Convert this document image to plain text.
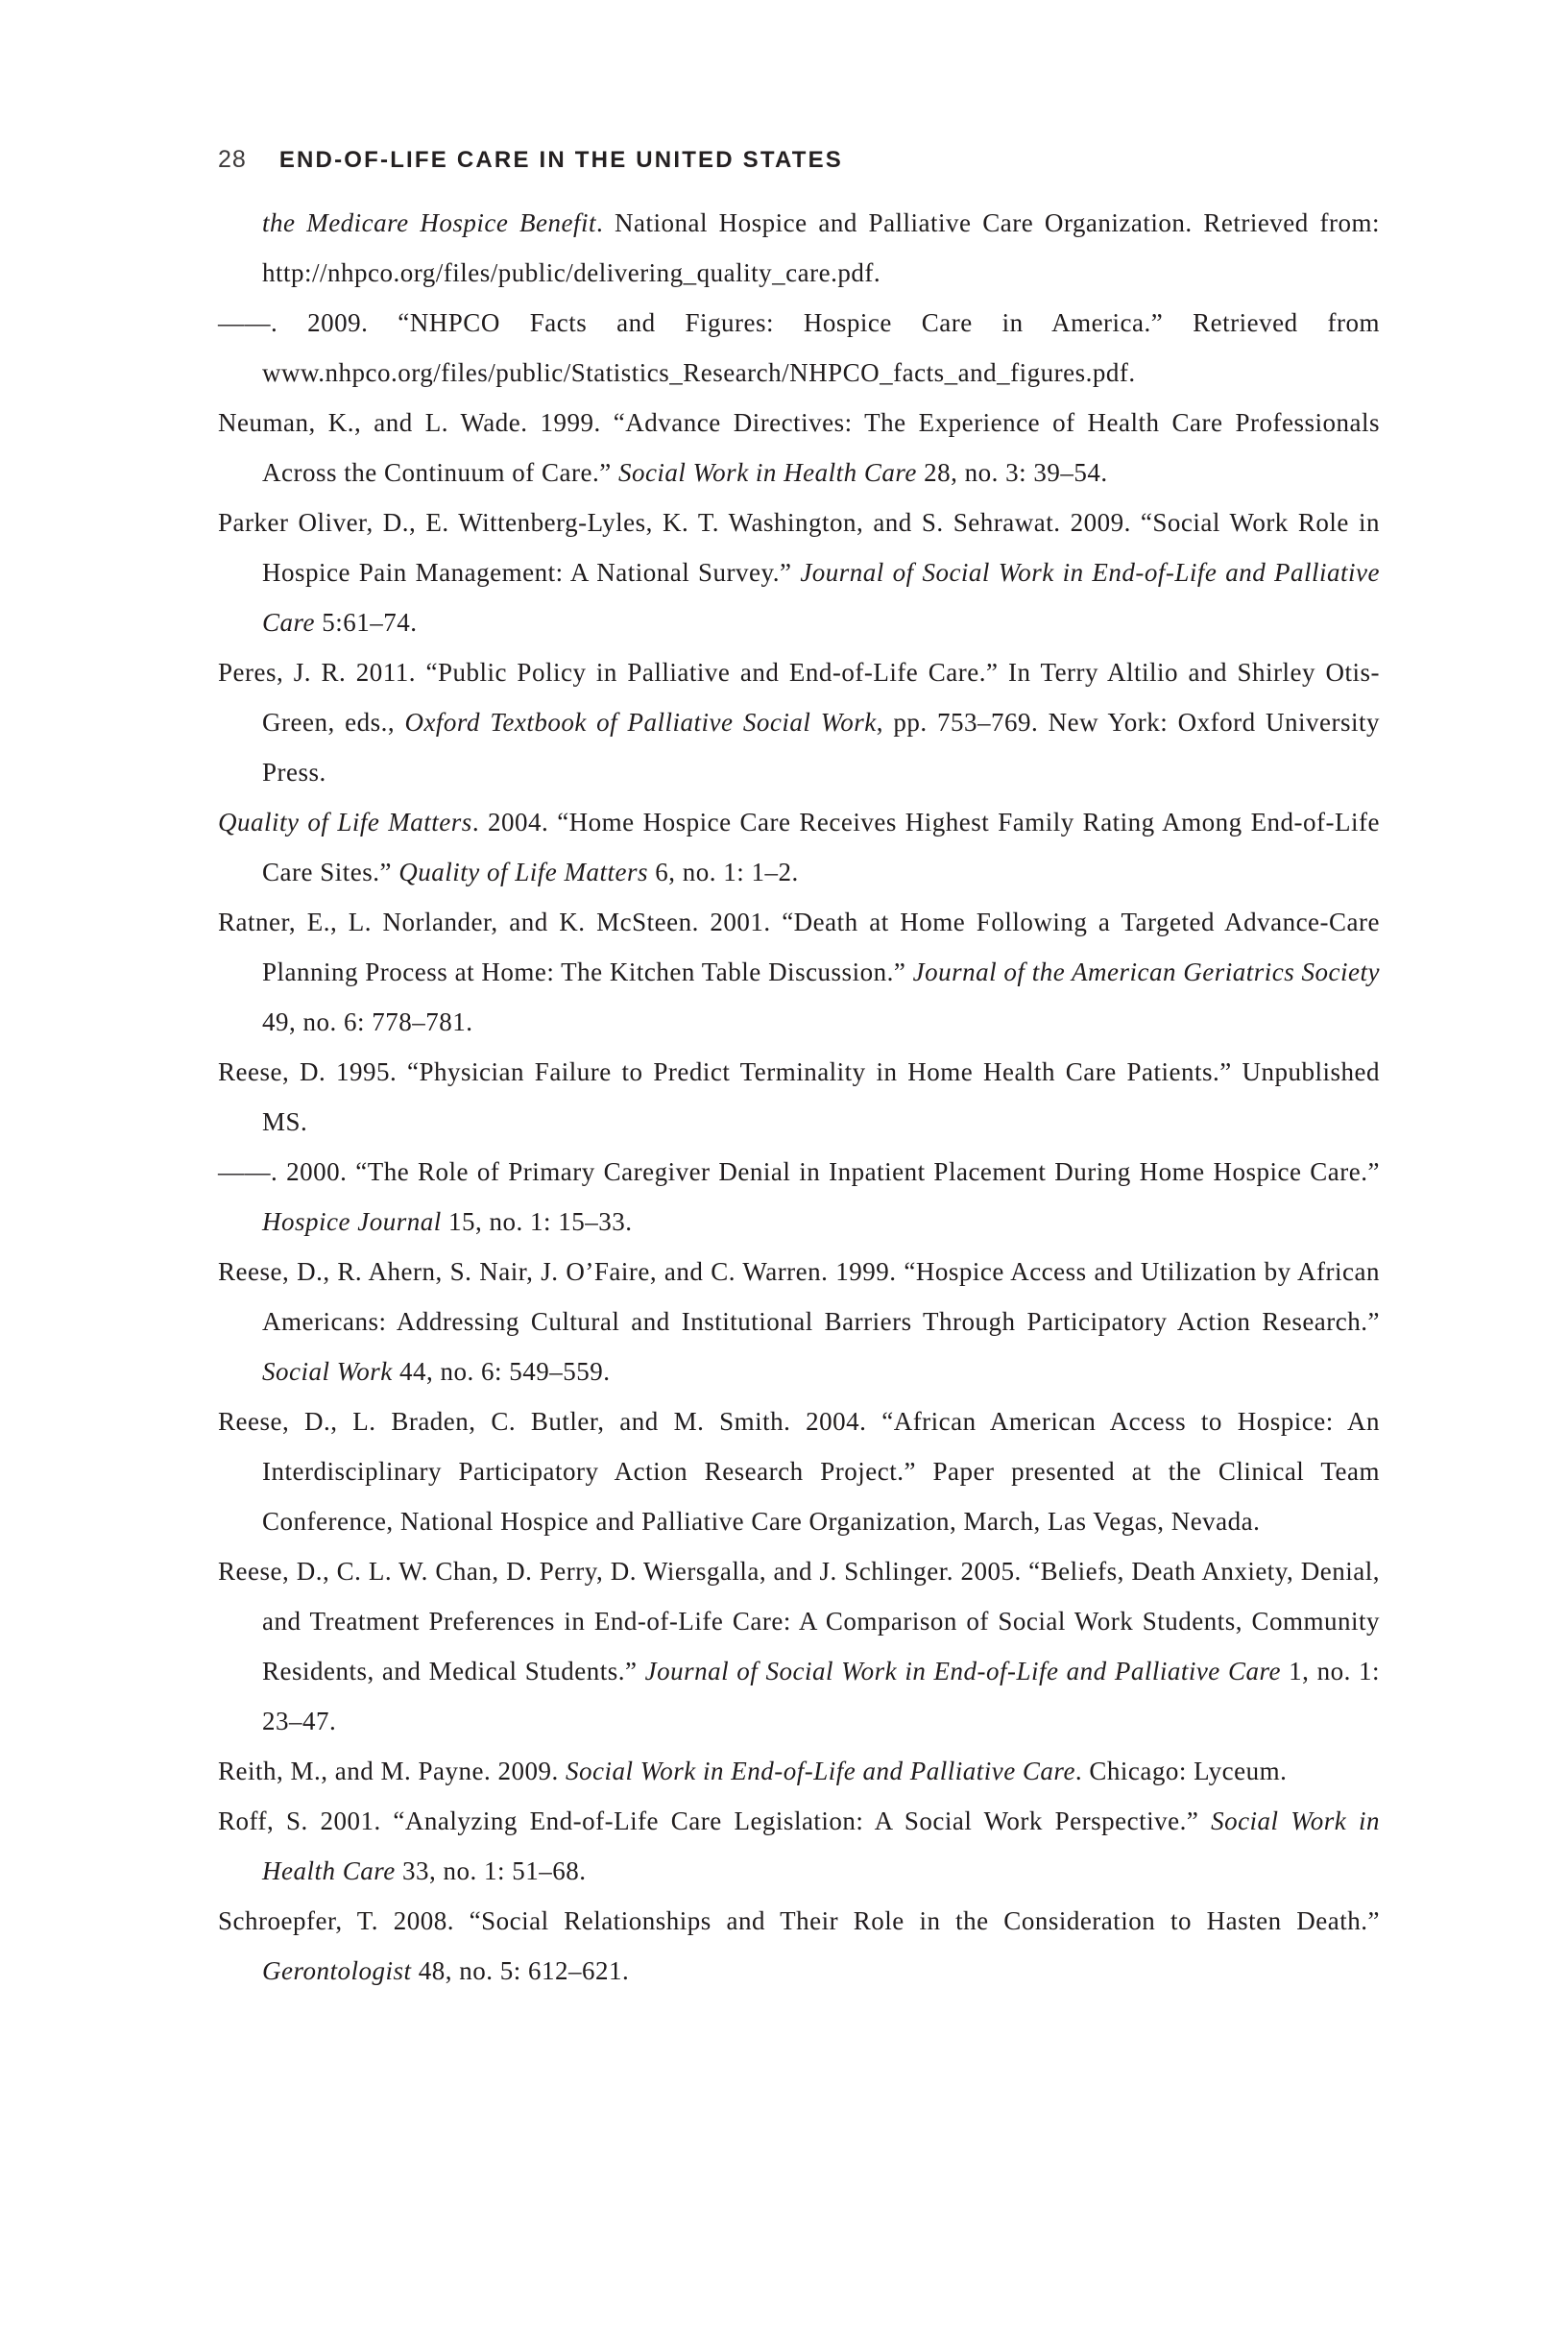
28 END-OF-LIFE CARE IN THE UNITED STATES

the Medicare Hospice Benefit. National Hospice and Palliative Care Organization. Retrieved from: http://nhpco.org/files/public/delivering_quality_care.pdf.

——. 2009. “NHPCO Facts and Figures: Hospice Care in America.” Retrieved from www.nhpco.org/files/public/Statistics_Research/NHPCO_facts_and_figures.pdf.

Neuman, K., and L. Wade. 1999. “Advance Directives: The Experience of Health Care Professionals Across the Continuum of Care.” Social Work in Health Care 28, no. 3: 39–54.

Parker Oliver, D., E. Wittenberg-Lyles, K. T. Washington, and S. Sehrawat. 2009. “Social Work Role in Hospice Pain Management: A National Survey.” Journal of Social Work in End-of-Life and Palliative Care 5:61–74.

Peres, J. R. 2011. “Public Policy in Palliative and End-of-Life Care.” In Terry Altilio and Shirley Otis-Green, eds., Oxford Textbook of Palliative Social Work, pp. 753–769. New York: Oxford University Press.

Quality of Life Matters. 2004. “Home Hospice Care Receives Highest Family Rating Among End-of-Life Care Sites.” Quality of Life Matters 6, no. 1: 1–2.

Ratner, E., L. Norlander, and K. McSteen. 2001. “Death at Home Following a Targeted Advance-Care Planning Process at Home: The Kitchen Table Discussion.” Journal of the American Geriatrics Society 49, no. 6: 778–781.

Reese, D. 1995. “Physician Failure to Predict Terminality in Home Health Care Patients.” Unpublished MS.

——. 2000. “The Role of Primary Caregiver Denial in Inpatient Placement During Home Hospice Care.” Hospice Journal 15, no. 1: 15–33.

Reese, D., R. Ahern, S. Nair, J. O’Faire, and C. Warren. 1999. “Hospice Access and Utilization by African Americans: Addressing Cultural and Institutional Barriers Through Participatory Action Research.” Social Work 44, no. 6: 549–559.

Reese, D., L. Braden, C. Butler, and M. Smith. 2004. “African American Access to Hospice: An Interdisciplinary Participatory Action Research Project.” Paper presented at the Clinical Team Conference, National Hospice and Palliative Care Organization, March, Las Vegas, Nevada.

Reese, D., C. L. W. Chan, D. Perry, D. Wiersgalla, and J. Schlinger. 2005. “Beliefs, Death Anxiety, Denial, and Treatment Preferences in End-of-Life Care: A Comparison of Social Work Students, Community Residents, and Medical Students.” Journal of Social Work in End-of-Life and Palliative Care 1, no. 1: 23–47.

Reith, M., and M. Payne. 2009. Social Work in End-of-Life and Palliative Care. Chicago: Lyceum.

Roff, S. 2001. “Analyzing End-of-Life Care Legislation: A Social Work Perspective.” Social Work in Health Care 33, no. 1: 51–68.

Schroepfer, T. 2008. “Social Relationships and Their Role in the Consideration to Hasten Death.” Gerontologist 48, no. 5: 612–621.
